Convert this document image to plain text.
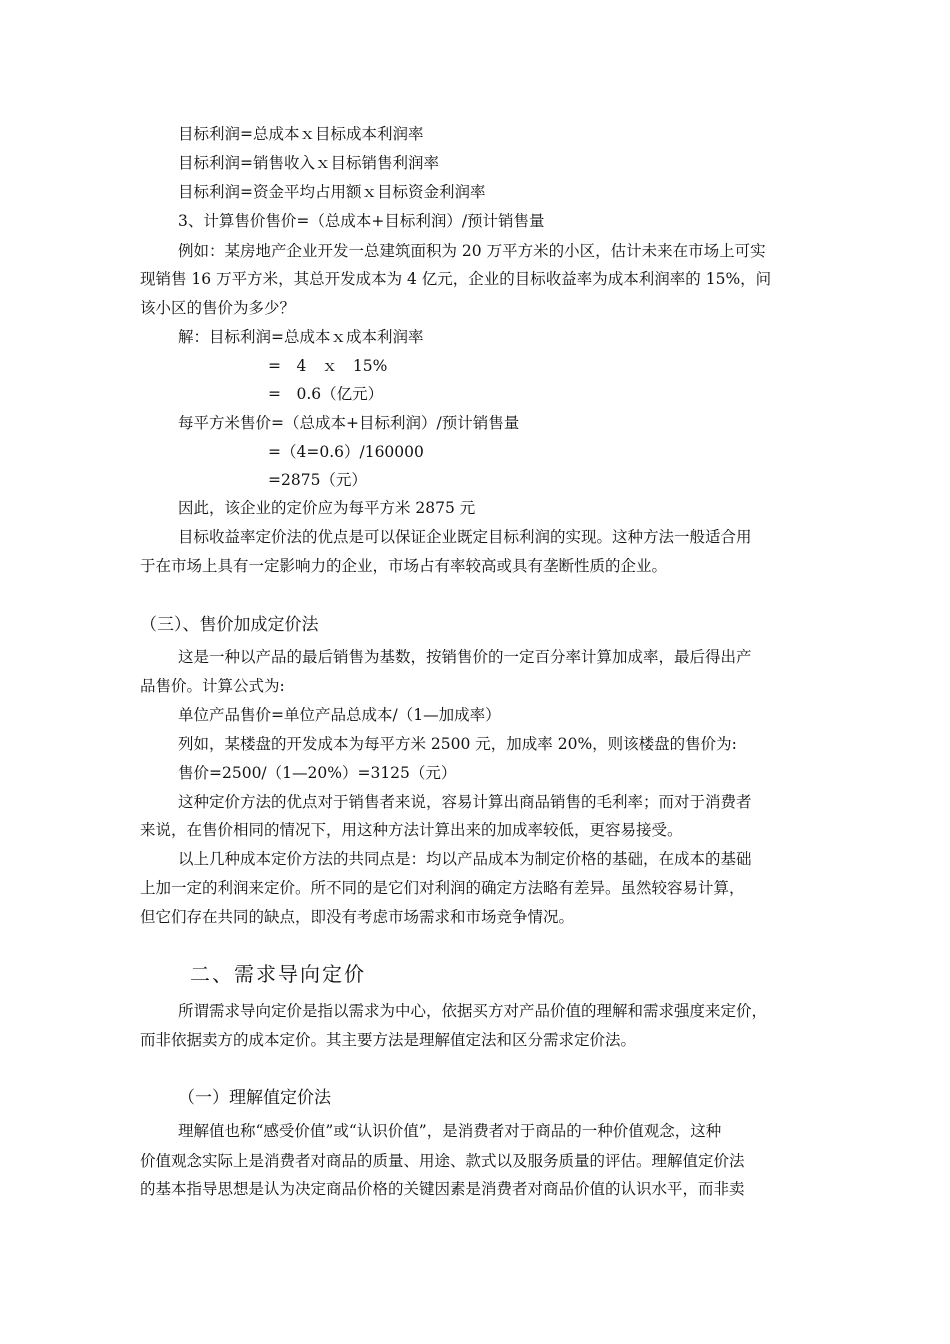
目标利润=总成本ｘ目标成本利润率
目标利润=销售收入ｘ目标销售利润率
目标利润=资金平均占用额ｘ目标资金利润率
3、计算售价售价=（总成本+目标利润）/预计销售量
例如：某房地产企业开发一总建筑面积为 20 万平方米的小区，估计未来在市场上可实
现销售 16 万平方米，其总开发成本为 4 亿元，企业的目标收益率为成本利润率的 15%，问
该小区的售价为多少？
解：目标利润=总成本ｘ成本利润率
=　4　ｘ　15%
=　0.6（亿元）
每平方米售价=（总成本+目标利润）/预计销售量
=（4=0.6）/160000
=2875（元）
因此，该企业的定价应为每平方米 2875 元
目标收益率定价法的优点是可以保证企业既定目标利润的实现。这种方法一般适合用
于在市场上具有一定影响力的企业，市场占有率较高或具有垄断性质的企业。
（三）、售价加成定价法
这是一种以产品的最后销售为基数，按销售价的一定百分率计算加成率，最后得出产
品售价。计算公式为:
单位产品售价=单位产品总成本/（1—加成率）
列如，某楼盘的开发成本为每平方米 2500 元，加成率 20%，则该楼盘的售价为:
售价=2500/（1—20%）=3125（元）
这种定价方法的优点对于销售者来说，容易计算出商品销售的毛利率；而对于消费者
来说，在售价相同的情况下，用这种方法计算出来的加成率较低，更容易接受。
以上几种成本定价方法的共同点是：均以产品成本为制定价格的基础，在成本的基础
上加一定的利润来定价。所不同的是它们对利润的确定方法略有差异。虽然较容易计算，
但它们存在共同的缺点，即没有考虑市场需求和市场竞争情况。
二、需求导向定价
所谓需求导向定价是指以需求为中心，依据买方对产品价值的理解和需求强度来定价，
而非依据卖方的成本定价。其主要方法是理解值定法和区分需求定价法。
（一）理解值定价法
理解值也称“感受价值”或“认识价值”，是消费者对于商品的一种价值观念，这种
价值观念实际上是消费者对商品的质量、用途、款式以及服务质量的评估。理解值定价法
的基本指导思想是认为决定商品价格的关键因素是消费者对商品价值的认识水平，而非卖
